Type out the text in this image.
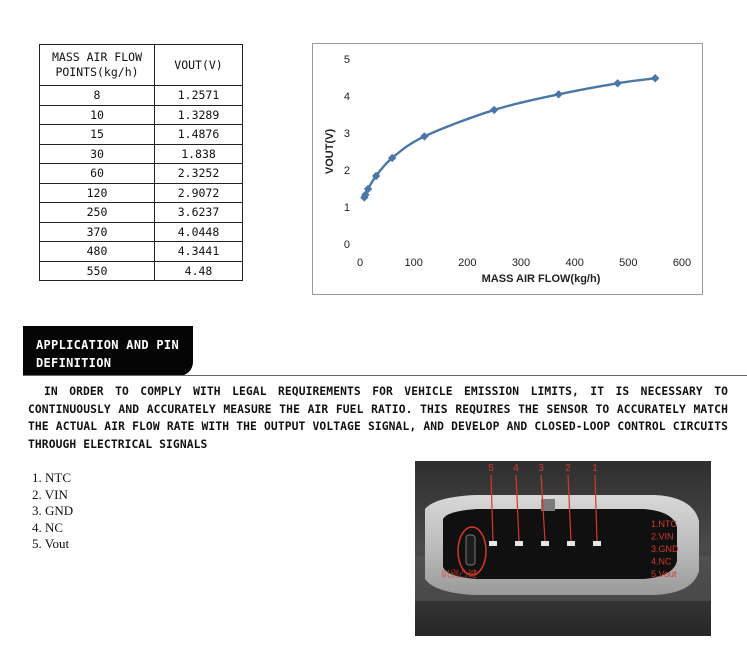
MASS AIR FLOW
POINTS(kg/h)	VOUT(V)
8	1.2571
10	1.3289
15	1.4876
30	1.838
60	2.3252
120	2.9072
250	3.6237
370	4.0448
480	4.3441
550	4.48
0
1
2
3
4
5
0	100	200	300	400	500	600
MASS AIR FLOW(kg/h)
VOUT(V)
APPLICATION AND PIN DEFINITION
IN ORDER TO COMPLY WITH LEGAL REQUIREMENTS FOR VEHICLE EMISSION LIMITS, IT IS NECESSARY TO CONTINUOUSLY AND ACCURATELY MEASURE THE AIR FUEL RATIO. THIS REQUIRES THE SENSOR TO ACCURATELY MATCH THE ACTUAL AIR FLOW RATE WITH THE OUTPUT VOLTAGE SIGNAL, AND DEVELOP AND CLOSED-LOOP CONTROL CIRCUITS THROUGH ELECTRICAL SIGNALS
1. NTC
2. VIN
3. GND
4. NC
5. Vout
5 4 3 2 1
识别凸键
1.NTC
2.VIN
3.GND
4.NC
5.Vout
